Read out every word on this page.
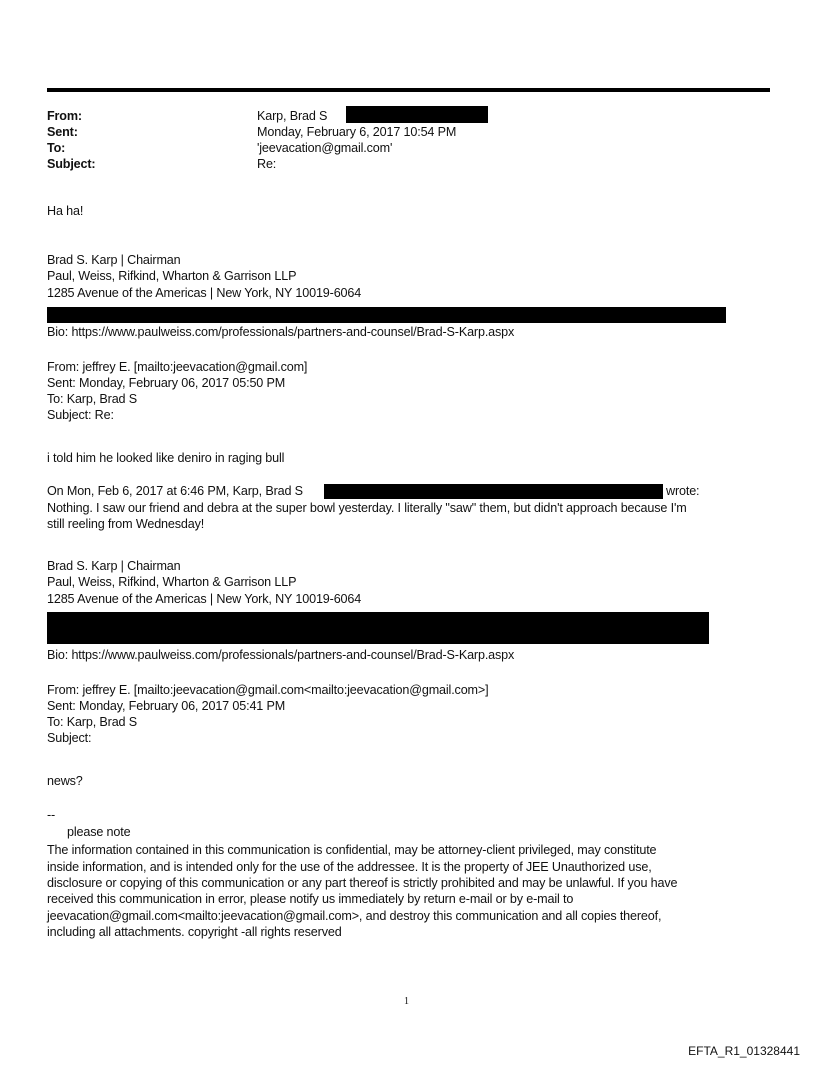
From:	Karp, Brad S
Sent:	Monday, February 6, 2017 10:54 PM
To:	'jeevacation@gmail.com'
Subject:	Re:
Ha ha!
Brad S. Karp | Chairman
Paul, Weiss, Rifkind, Wharton & Garrison LLP
1285 Avenue of the Americas | New York, NY 10019-6064
Bio: https://www.paulweiss.com/professionals/partners-and-counsel/Brad-S-Karp.aspx
From: jeffrey E. [mailto:jeevacation@gmail.com]
Sent: Monday, February 06, 2017 05:50 PM
To: Karp, Brad S
Subject: Re:
i told him he looked like deniro in raging bull
On Mon, Feb 6, 2017 at 6:46 PM, Karp, Brad S	wrote:
Nothing. I saw our friend and debra at the super bowl yesterday. I literally "saw" them, but didn't approach because I'm
still reeling from Wednesday!
Brad S. Karp | Chairman
Paul, Weiss, Rifkind, Wharton & Garrison LLP
1285 Avenue of the Americas | New York, NY 10019-6064
Bio: https://www.paulweiss.com/professionals/partners-and-counsel/Brad-S-Karp.aspx
From: jeffrey E. [mailto:jeevacation@gmail.com<mailto:jeevacation@gmail.com>]
Sent: Monday, February 06, 2017 05:41 PM
To: Karp, Brad S
Subject:
news?
--
please note
The information contained in this communication is confidential, may be attorney-client privileged, may constitute
inside information, and is intended only for the use of the addressee. It is the property of JEE Unauthorized use,
disclosure or copying of this communication or any part thereof is strictly prohibited and may be unlawful. If you have
received this communication in error, please notify us immediately by return e-mail or by e-mail to
jeevacation@gmail.com<mailto:jeevacation@gmail.com>, and destroy this communication and all copies thereof,
including all attachments. copyright -all rights reserved
1
EFTA_R1_01328441
